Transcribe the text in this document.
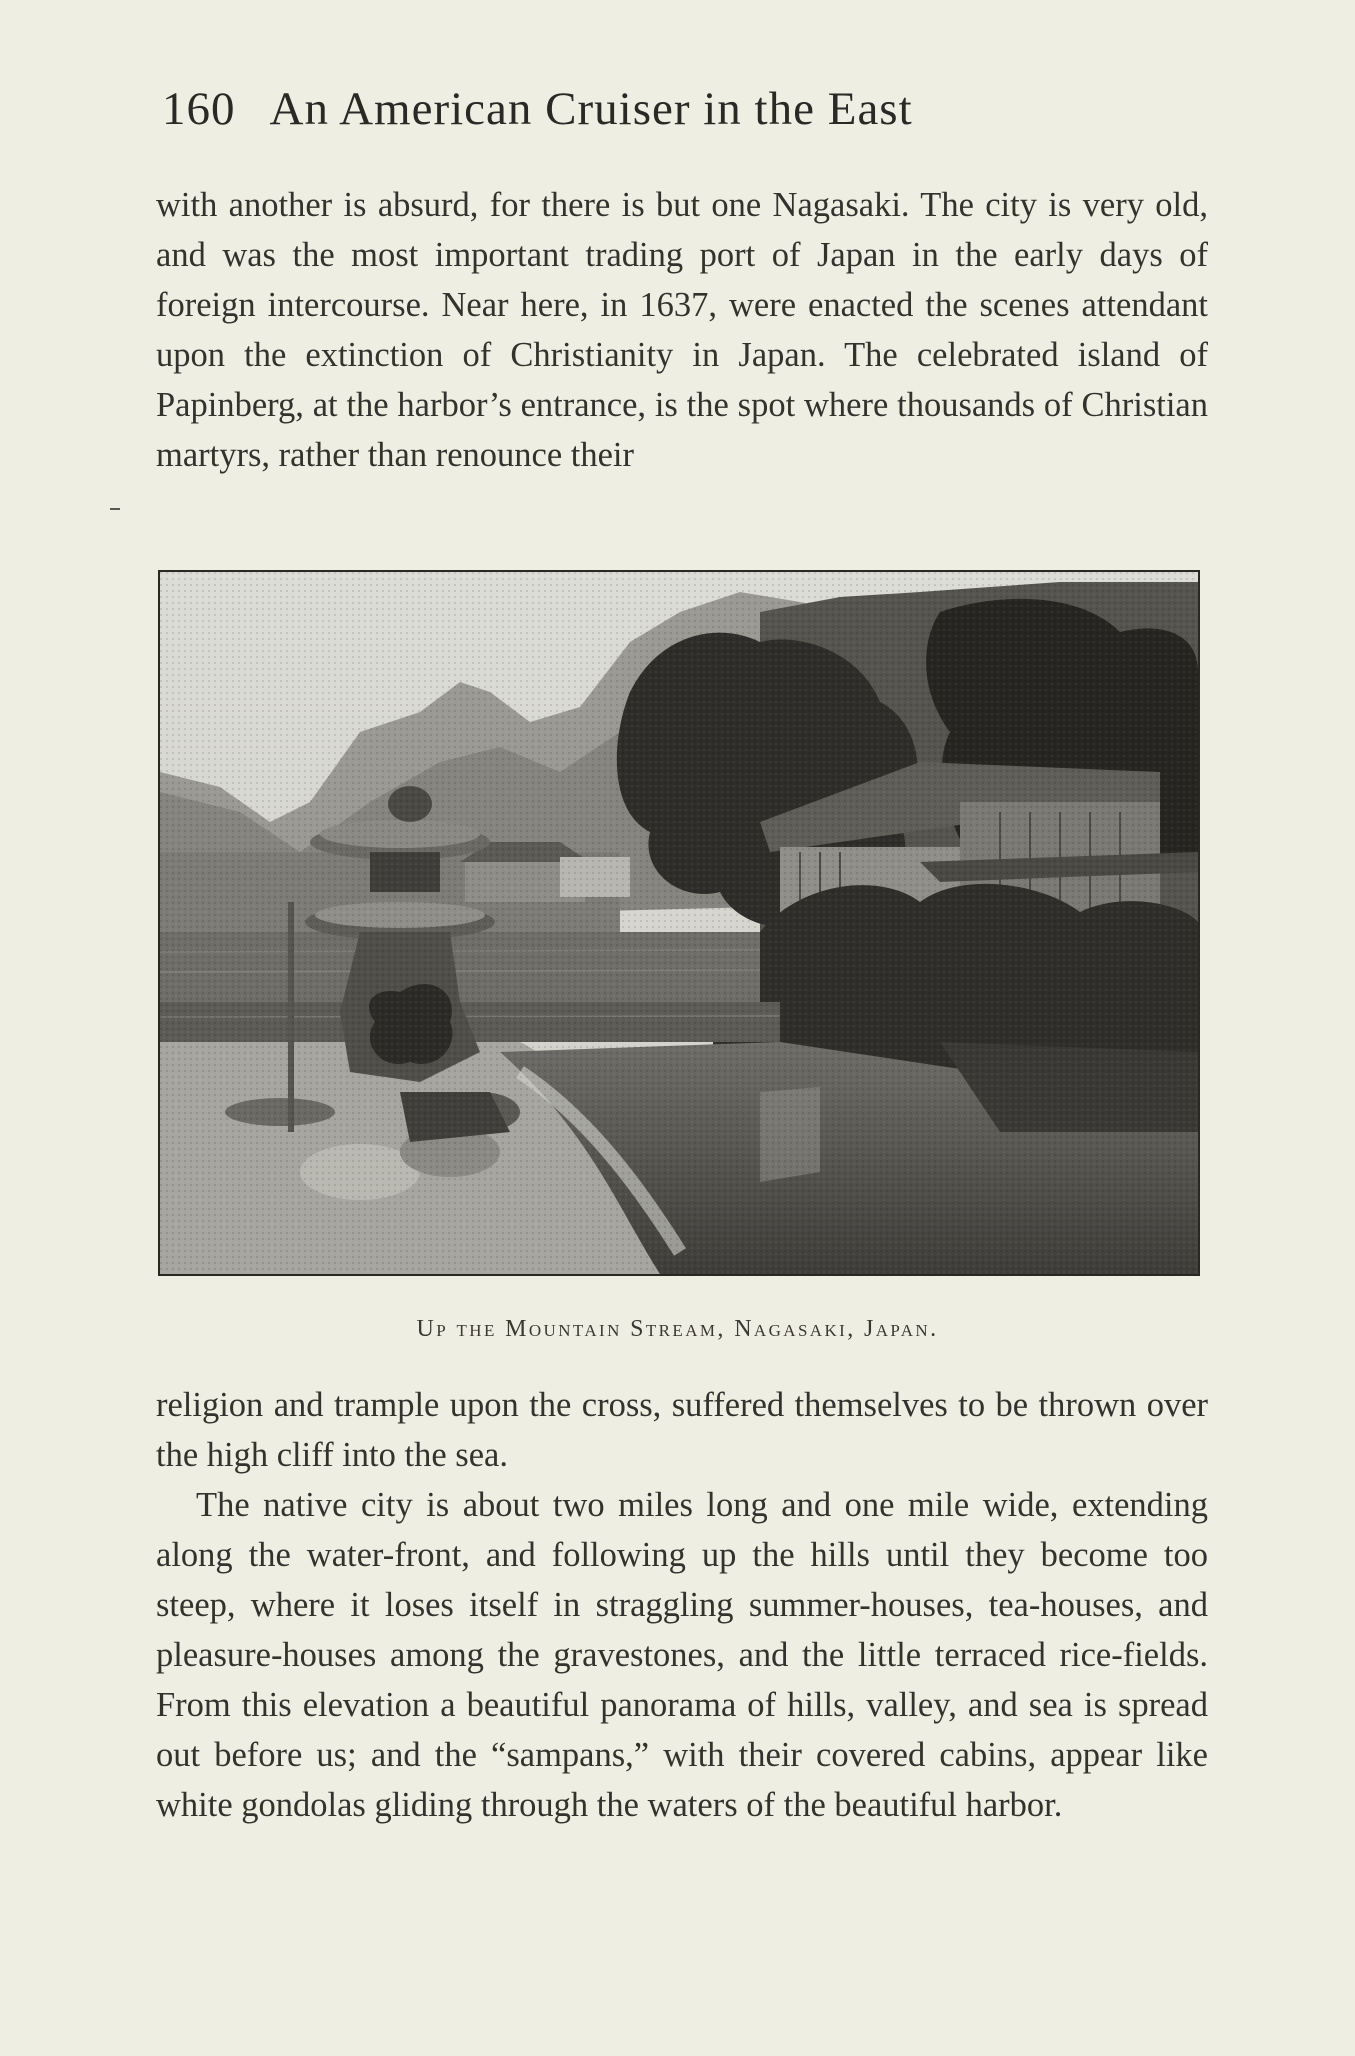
160 An American Cruiser in the East

with another is absurd, for there is but one Nagasaki. The city is very old, and was the most important trading port of Japan in the early days of foreign intercourse. Near here, in 1637, were enacted the scenes attendant upon the extinction of Christianity in Japan. The celebrated island of Papinberg, at the harbor’s entrance, is the spot where thousands of Christian martyrs, rather than renounce their

Up the Mountain Stream, Nagasaki, Japan.

religion and trample upon the cross, suffered themselves to be thrown over the high cliff into the sea.

The native city is about two miles long and one mile wide, extending along the water-front, and following up the hills until they become too steep, where it loses itself in straggling summer-houses, tea-houses, and pleasure-houses among the gravestones, and the little terraced rice-fields. From this elevation a beautiful panorama of hills, valley, and sea is spread out before us; and the “sampans,” with their covered cabins, appear like white gondolas gliding through the waters of the beautiful harbor.
